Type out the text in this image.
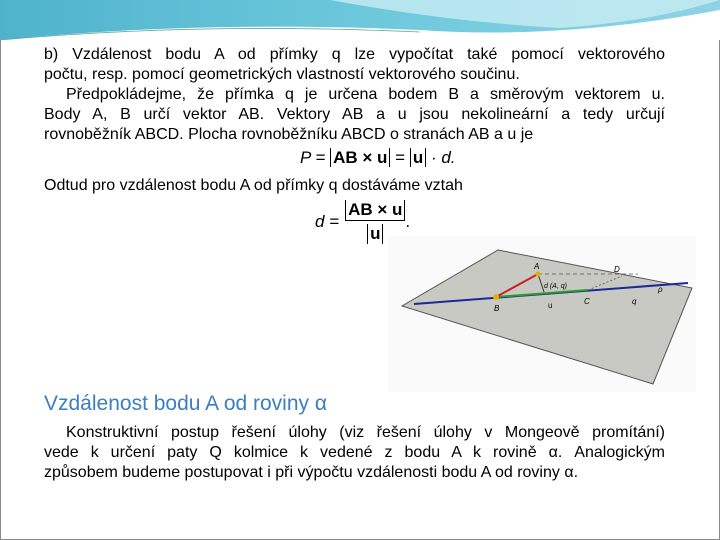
b) Vzdálenost bodu A od přímky q lze vypočítat také pomocí vektorového
počtu, resp. pomocí geometrických vlastností vektorového součinu.
Předpokládejme, že přímka q je určena bodem B a směrovým vektorem u.
Body A, B určí vektor AB. Vektory AB a u jsou nekolineární a tedy určují
rovnoběžník ABCD. Plocha rovnoběžníku ABCD o stranách AB a u je
P = AB × u = u · d.
Odtud pro vzdálenost bodu A od přímky q dostáváme vztah
$d = \frac{AB \times u}{u}$ .
A
B
C
D
ρ
q
u
d (A, q)
Vzdálenost bodu A od roviny α
Konstruktivní postup řešení úlohy (viz řešení úlohy v Mongeově promítání)
vede k určení paty Q kolmice k vedené z bodu A k rovině α. Analogickým
způsobem budeme postupovat i při výpočtu vzdálenosti bodu A od roviny α.
